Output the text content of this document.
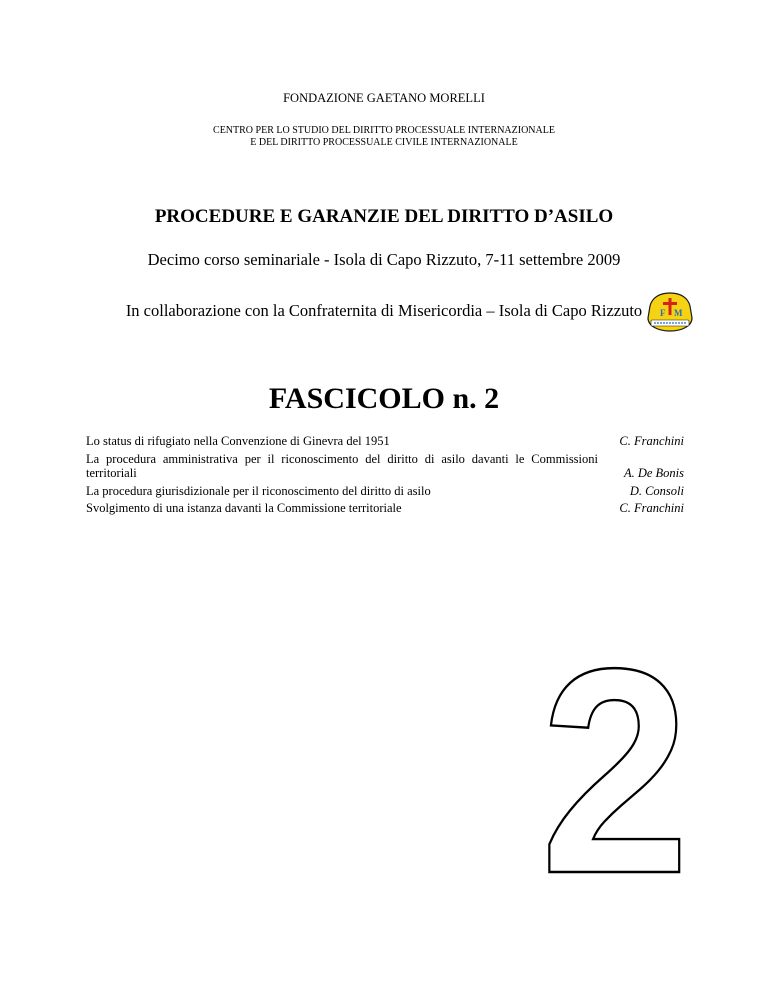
FONDAZIONE GAETANO MORELLI
CENTRO PER LO STUDIO DEL DIRITTO PROCESSUALE INTERNAZIONALE
E DEL DIRITTO PROCESSUALE CIVILE INTERNAZIONALE
PROCEDURE E GARANZIE DEL DIRITTO D’ASILO
Decimo corso seminariale - Isola di Capo Rizzuto, 7-11 settembre 2009
In collaborazione con la Confraternita di Misericordia – Isola di Capo Rizzuto	F M
FASCICOLO n. 2
Lo status di rifugiato nella Convenzione di Ginevra del 1951	C. Franchini
La procedura amministrativa per il riconoscimento del diritto di asilo davanti le Commissioni territoriali	A. De Bonis
La procedura giurisdizionale per il riconoscimento del diritto di asilo	D. Consoli
Svolgimento di una istanza davanti la Commissione territoriale	C. Franchini
2
